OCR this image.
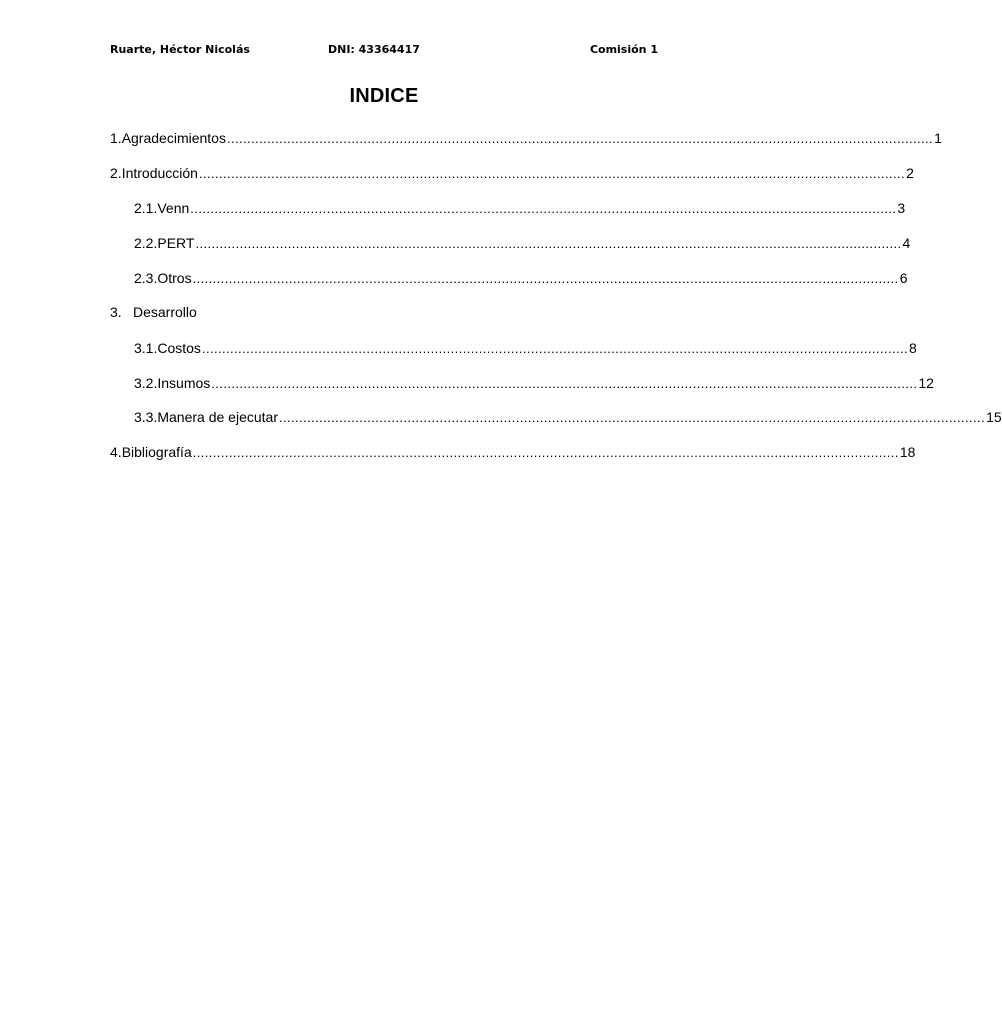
Ruarte, Héctor Nicolás	DNI: 43364417	Comisión 1
INDICE
1. Agradecimientos ................................................................................................................................................................................ 1
2. Introducción ................................................................................................................................................................................ 2
2.1. Venn ................................................................................................................................................................................ 3
2.2. PERT ................................................................................................................................................................................ 4
2.3. Otros ................................................................................................................................................................................ 6
3. Desarrollo
3.1. Costos ................................................................................................................................................................................ 8
3.2. Insumos ................................................................................................................................................................................ 12
3.3. Manera de ejecutar ................................................................................................................................................................................ 15
4. Bibliografía ................................................................................................................................................................................ 18
